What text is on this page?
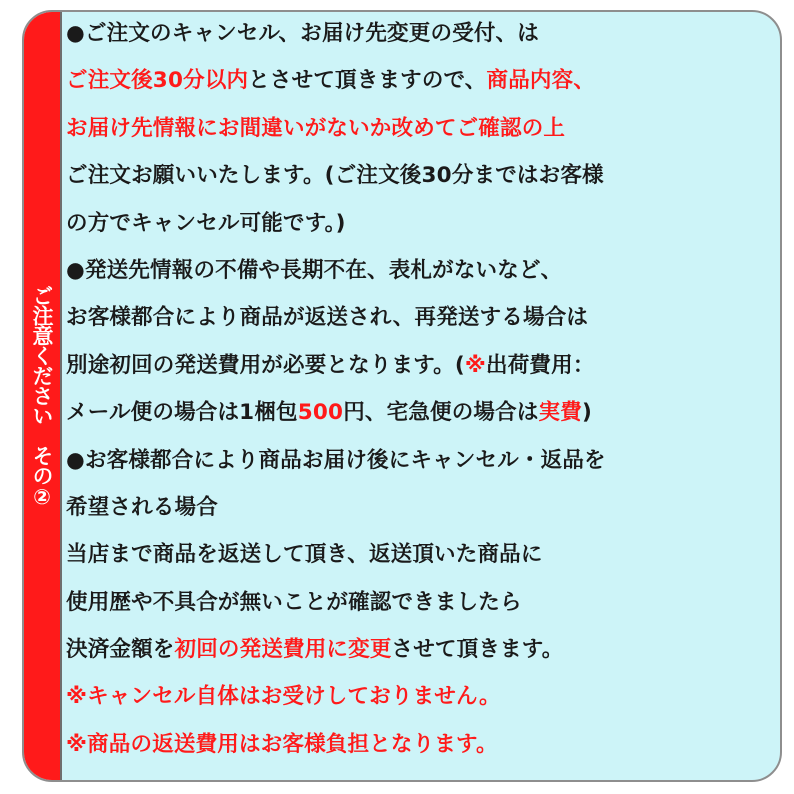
ご注意ください　その②
●ご注文のキャンセル、お届け先変更の受付、は
ご注文後30分以内とさせて頂きますので、商品内容、
お届け先情報にお間違いがないか改めてご確認の上
ご注文お願いいたします。(ご注文後30分まではお客様
の方でキャンセル可能です。)
●発送先情報の不備や長期不在、表札がないなど、
お客様都合により商品が返送され、再発送する場合は
別途初回の発送費用が必要となります。(※出荷費用：
メール便の場合は1梱包500円、宅急便の場合は実費)
●お客様都合により商品お届け後にキャンセル・返品を
希望される場合
当店まで商品を返送して頂き、返送頂いた商品に
使用歴や不具合が無いことが確認できましたら
決済金額を初回の発送費用に変更させて頂きます。
※キャンセル自体はお受けしておりません。
※商品の返送費用はお客様負担となります。
